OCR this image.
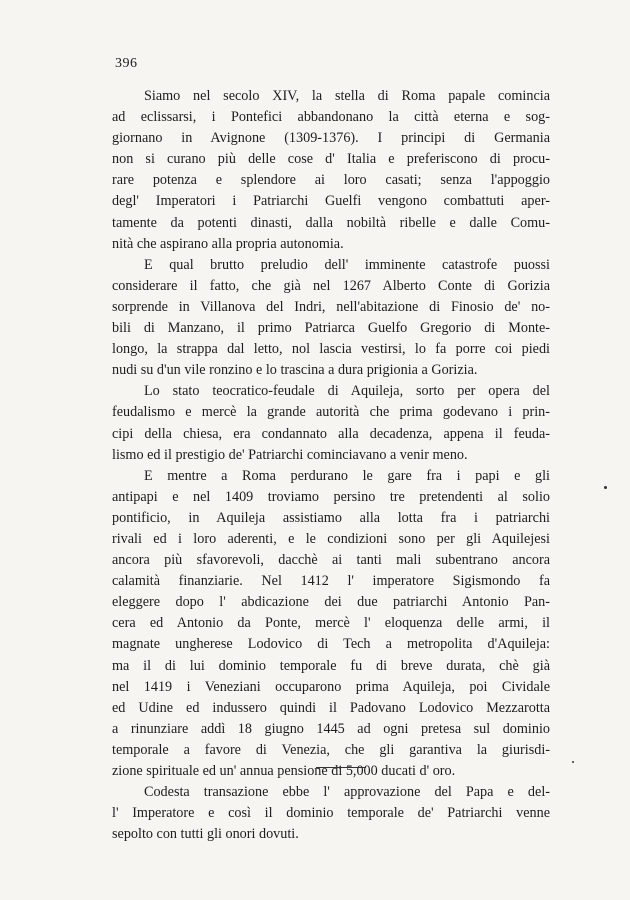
396
Siamo nel secolo XIV, la stella di Roma papale comincia
ad eclissarsi, i Pontefici abbandonano la città eterna e sog-
giornano in Avignone (1309-1376). I principi di Germania
non si curano più delle cose d' Italia e preferiscono di procu-
rare potenza e splendore ai loro casati; senza l'appoggio
degl' Imperatori i Patriarchi Guelfi vengono combattuti aper-
tamente da potenti dinasti, dalla nobiltà ribelle e dalle Comu-
nità che aspirano alla propria autonomia.
E qual brutto preludio dell' imminente catastrofe puossi
considerare il fatto, che già nel 1267 Alberto Conte di Gorizia
sorprende in Villanova del Indri, nell'abitazione di Finosio de' no-
bili di Manzano, il primo Patriarca Guelfo Gregorio di Monte-
longo, la strappa dal letto, nol lascia vestirsi, lo fa porre coi piedi
nudi su d'un vile ronzino e lo trascina a dura prigionia a Gorizia.
Lo stato teocratico-feudale di Aquileja, sorto per opera del
feudalismo e mercè la grande autorità che prima godevano i prin-
cipi della chiesa, era condannato alla decadenza, appena il feuda-
lismo ed il prestigio de' Patriarchi cominciavano a venir meno.
E mentre a Roma perdurano le gare fra i papi e gli
antipapi e nel 1409 troviamo persino tre pretendenti al solio
pontificio, in Aquileja assistiamo alla lotta fra i patriarchi
rivali ed i loro aderenti, e le condizioni sono per gli Aquilejesi
ancora più sfavorevoli, dacchè ai tanti mali subentrano ancora
calamità finanziarie. Nel 1412 l' imperatore Sigismondo fa
eleggere dopo l' abdicazione dei due patriarchi Antonio Pan-
cera ed Antonio da Ponte, mercè l' eloquenza delle armi, il
magnate ungherese Lodovico di Tech a metropolita d'Aquileja:
ma il di lui dominio temporale fu di breve durata, chè già
nel 1419 i Veneziani occuparono prima Aquileja, poi Cividale
ed Udine ed indussero quindi il Padovano Lodovico Mezzarotta
a rinunziare addì 18 giugno 1445 ad ogni pretesa sul dominio
temporale a favore di Venezia, che gli garantiva la giurisdi-
zione spirituale ed un' annua pensione di 5,000 ducati d' oro.
Codesta transazione ebbe l' approvazione del Papa e del-
l' Imperatore e così il dominio temporale de' Patriarchi venne
sepolto con tutti gli onori dovuti.
